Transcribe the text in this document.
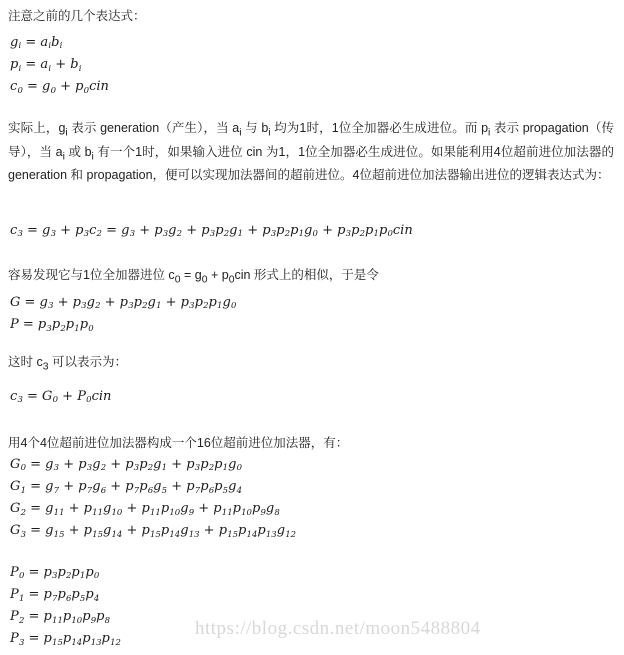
注意之前的几个表达式：

$g_i = a_ib_i$
$p_i = a_i + b_i$
$c_0 = g_0 + p_0cin$

实际上，$g_i$ 表示 generation（产生），当 $a_i$ 与 $b_i$ 均为1时，1位全加器必生成进位。而 $p_i$ 表示 propagation（传导），当 $a_i$ 或 $b_i$ 有一个1时，如果输入进位 cin 为1，1位全加器必生成进位。如果能利用4位超前进位加法器的 generation 和 propagation，便可以实现加法器间的超前进位。4位超前进位加法器输出进位的逻辑表达式为：

$c_3 = g_3 + p_3c_2 = g_3 + p_3g_2 + p_3p_2g_1 + p_3p_2p_1g_0 + p_3p_2p_1p_0cin$

容易发现它与1位全加器进位 $c_0 = g_0 + p_0cin$ 形式上的相似，于是令

$G = g_3 + p_3g_2 + p_3p_2g_1 + p_3p_2p_1g_0$
$P = p_3p_2p_1p_0$

这时 $c_3$ 可以表示为：

$c_3 = G_0 + P_0cin$

用4个4位超前进位加法器构成一个16位超前进位加法器，有：

$G_0 = g_3 + p_3g_2 + p_3p_2g_1 + p_3p_2p_1g_0$
$G_1 = g_7 + p_7g_6 + p_7p_6g_5 + p_7p_6p_5g_4$
$G_2 = g_{11} + p_{11}g_{10} + p_{11}p_{10}g_9 + p_{11}p_{10}p_9g_8$
$G_3 = g_{15} + p_{15}g_{14} + p_{15}p_{14}g_{13} + p_{15}p_{14}p_{13}g_{12}$
$P_0 = p_3p_2p_1p_0$
$P_1 = p_7p_6p_5p_4$
$P_2 = p_{11}p_{10}p_9p_8$
$P_3 = p_{15}p_{14}p_{13}p_{12}$
https://blog.csdn.net/moon5488804
